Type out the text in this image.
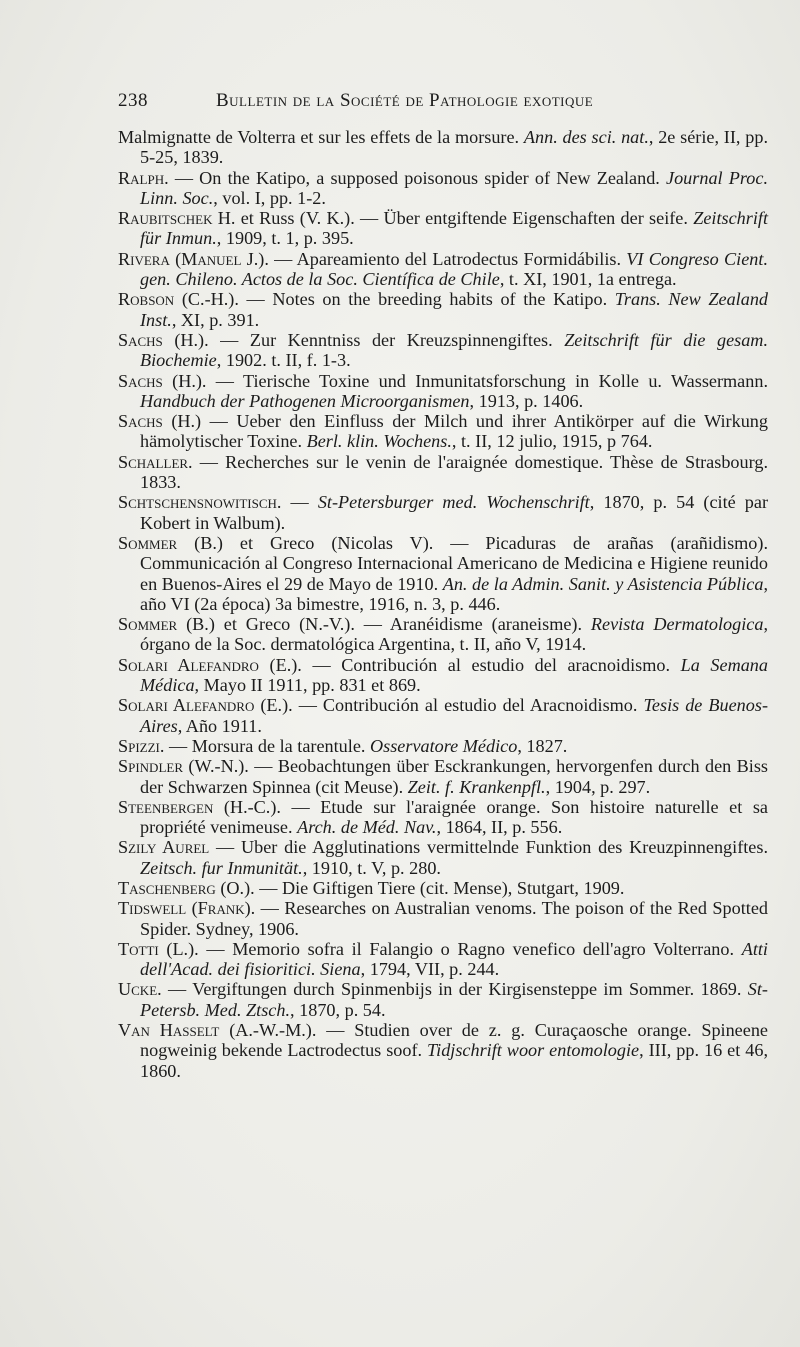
238	Bulletin de la Société de Pathologie exotique

Malmignatte de Volterra et sur les effets de la morsure. Ann. des sci. nat., 2e série, II, pp. 5-25, 1839.

Ralph. — On the Katipo, a supposed poisonous spider of New Zealand. Journal Proc. Linn. Soc., vol. I, pp. 1-2.

Raubitschek H. et Russ (V. K.). — Über entgiftende Eigenschaften der seife. Zeitschrift für Inmun., 1909, t. 1, p. 395.

Rivera (Manuel J.). — Apareamiento del Latrodectus Formidábilis. VI Congreso Cient. gen. Chileno. Actos de la Soc. Científica de Chile, t. XI, 1901, 1a entrega.

Robson (C.-H.). — Notes on the breeding habits of the Katipo. Trans. New Zealand Inst., XI, p. 391.

Sachs (H.). — Zur Kenntniss der Kreuzspinnengiftes. Zeitschrift für die gesam. Biochemie, 1902. t. II, f. 1-3.

Sachs (H.). — Tierische Toxine und Inmunitatsforschung in Kolle u. Wassermann. Handbuch der Pathogenen Microorganismen, 1913, p. 1406.

Sachs (H.) — Ueber den Einfluss der Milch und ihrer Antikörper auf die Wirkung hämolytischer Toxine. Berl. klin. Wochens., t. II, 12 julio, 1915, p 764.

Schaller. — Recherches sur le venin de l'araignée domestique. Thèse de Strasbourg. 1833.

Schtschensnowitisch. — St-Petersburger med. Wochenschrift, 1870, p. 54 (cité par Kobert in Walbum).

Sommer (B.) et Greco (Nicolas V). — Picaduras de arañas (arañidismo). Communicación al Congreso Internacional Americano de Medicina e Higiene reunido en Buenos-Aires el 29 de Mayo de 1910. An. de la Admin. Sanit. y Asistencia Pública, año VI (2a época) 3a bimestre, 1916, n. 3, p. 446.

Sommer (B.) et Greco (N.-V.). — Aranéidisme (araneisme). Revista Dermatologica, órgano de la Soc. dermatológica Argentina, t. II, año V, 1914.

Solari Alefandro (E.). — Contribución al estudio del aracnoidismo. La Semana Médica, Mayo II 1911, pp. 831 et 869.

Solari Alefandro (E.). — Contribución al estudio del Aracnoidismo. Tesis de Buenos-Aires, Año 1911.

Spizzi. — Morsura de la tarentule. Osservatore Médico, 1827.

Spindler (W.-N.). — Beobachtungen über Esckrankungen, hervorgenfen durch den Biss der Schwarzen Spinnea (cit Meuse). Zeit. f. Krankenpfl., 1904, p. 297.

Steenbergen (H.-C.). — Etude sur l'araignée orange. Son histoire naturelle et sa propriété venimeuse. Arch. de Méd. Nav., 1864, II, p. 556.

Szily Aurel — Uber die Agglutinations vermittelnde Funktion des Kreuzpinnengiftes. Zeitsch. fur Inmunität., 1910, t. V, p. 280.

Taschenberg (O.). — Die Giftigen Tiere (cit. Mense), Stutgart, 1909.

Tidswell (Frank). — Researches on Australian venoms. The poison of the Red Spotted Spider. Sydney, 1906.

Totti (L.). — Memorio sofra il Falangio o Ragno venefico dell'agro Volterrano. Atti dell'Acad. dei fisioritici. Siena, 1794, VII, p. 244.

Ucke. — Vergiftungen durch Spinmenbijs in der Kirgisensteppe im Sommer. 1869. St-Petersb. Med. Ztsch., 1870, p. 54.

Van Hasselt (A.-W.-M.). — Studien over de z. g. Curaçaosche orange. Spineene nogweinig bekende Lactrodectus soof. Tidjschrift woor entomologie, III, pp. 16 et 46, 1860.
